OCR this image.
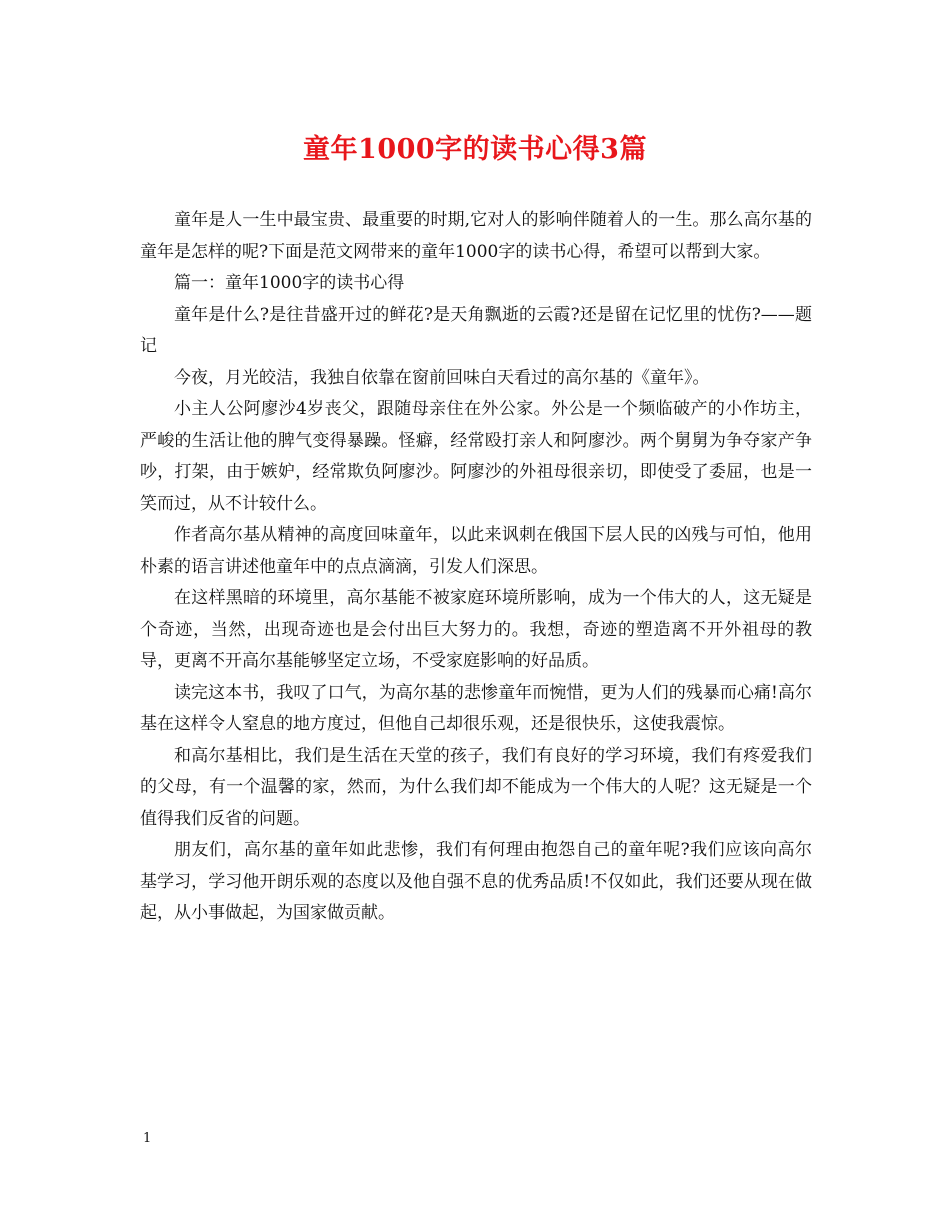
童年1000字的读书心得3篇

童年是人一生中最宝贵、最重要的时期,它对人的影响伴随着人的一生。那么高尔基的童年是怎样的呢?下面是范文网带来的童年1000字的读书心得，希望可以帮到大家。

篇一：童年1000字的读书心得

童年是什么?是往昔盛开过的鲜花?是天角飘逝的云霞?还是留在记忆里的忧伤?——题记

今夜，月光皎洁，我独自依靠在窗前回味白天看过的高尔基的《童年》。

小主人公阿廖沙4岁丧父，跟随母亲住在外公家。外公是一个频临破产的小作坊主，严峻的生活让他的脾气变得暴躁。怪癖，经常殴打亲人和阿廖沙。两个舅舅为争夺家产争吵，打架，由于嫉妒，经常欺负阿廖沙。阿廖沙的外祖母很亲切，即使受了委屈，也是一笑而过，从不计较什么。

作者高尔基从精神的高度回味童年，以此来讽刺在俄国下层人民的凶残与可怕，他用朴素的语言讲述他童年中的点点滴滴，引发人们深思。

在这样黑暗的环境里，高尔基能不被家庭环境所影响，成为一个伟大的人，这无疑是个奇迹，当然，出现奇迹也是会付出巨大努力的。我想，奇迹的塑造离不开外祖母的教导，更离不开高尔基能够坚定立场，不受家庭影响的好品质。

读完这本书，我叹了口气，为高尔基的悲惨童年而惋惜，更为人们的残暴而心痛!高尔基在这样令人窒息的地方度过，但他自己却很乐观，还是很快乐，这使我震惊。

和高尔基相比，我们是生活在天堂的孩子，我们有良好的学习环境，我们有疼爱我们的父母，有一个温馨的家，然而，为什么我们却不能成为一个伟大的人呢？这无疑是一个值得我们反省的问题。

朋友们，高尔基的童年如此悲惨，我们有何理由抱怨自己的童年呢?我们应该向高尔基学习，学习他开朗乐观的态度以及他自强不息的优秀品质!不仅如此，我们还要从现在做起，从小事做起，为国家做贡献。

1
